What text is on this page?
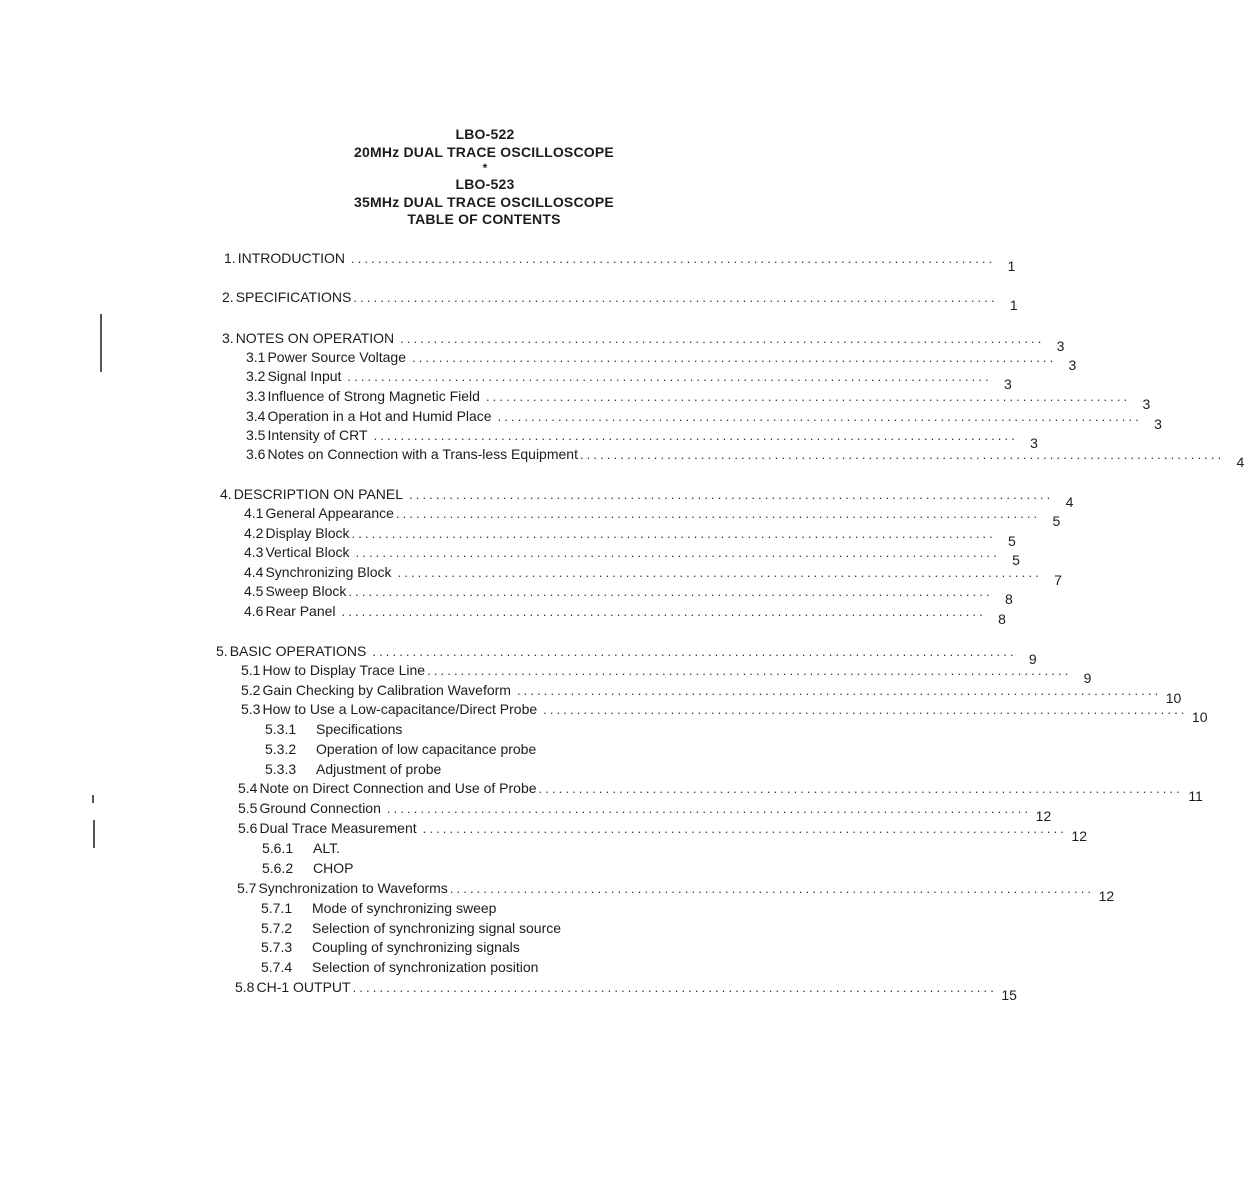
LBO-522
20MHz DUAL TRACE OSCILLOSCOPE
*
LBO-523
35MHz DUAL TRACE OSCILLOSCOPE
TABLE OF CONTENTS
1. INTRODUCTION ................................................................................................ 1
2. SPECIFICATIONS ................................................................................................ 1
3. NOTES ON OPERATION ................................................................................................ 3
3.1 Power Source Voltage ................................................................................................ 3
3.2 Signal Input ................................................................................................ 3
3.3 Influence of Strong Magnetic Field ................................................................................................ 3
3.4 Operation in a Hot and Humid Place ................................................................................................ 3
3.5 Intensity of CRT ................................................................................................ 3
3.6 Notes on Connection with a Trans-less Equipment ................................................................................................ 4
4. DESCRIPTION ON PANEL ................................................................................................ 4
4.1 General Appearance ................................................................................................ 5
4.2 Display Block ................................................................................................ 5
4.3 Vertical Block ................................................................................................ 5
4.4 Synchronizing Block ................................................................................................ 7
4.5 Sweep Block ................................................................................................ 8
4.6 Rear Panel ................................................................................................ 8
5. BASIC OPERATIONS ................................................................................................ 9
5.1 How to Display Trace Line ................................................................................................ 9
5.2 Gain Checking by Calibration Waveform ................................................................................................ 10
5.3 How to Use a Low-capacitance/Direct Probe ................................................................................................ 10
5.3.1 Specifications
5.3.2 Operation of low capacitance probe
5.3.3 Adjustment of probe
5.4 Note on Direct Connection and Use of Probe ................................................................................................ 11
5.5 Ground Connection ................................................................................................ 12
5.6 Dual Trace Measurement ................................................................................................ 12
5.6.1 ALT.
5.6.2 CHOP
5.7 Synchronization to Waveforms ................................................................................................ 12
5.7.1 Mode of synchronizing sweep
5.7.2 Selection of synchronizing signal source
5.7.3 Coupling of synchronizing signals
5.7.4 Selection of synchronization position
5.8 CH-1 OUTPUT ................................................................................................ 15
